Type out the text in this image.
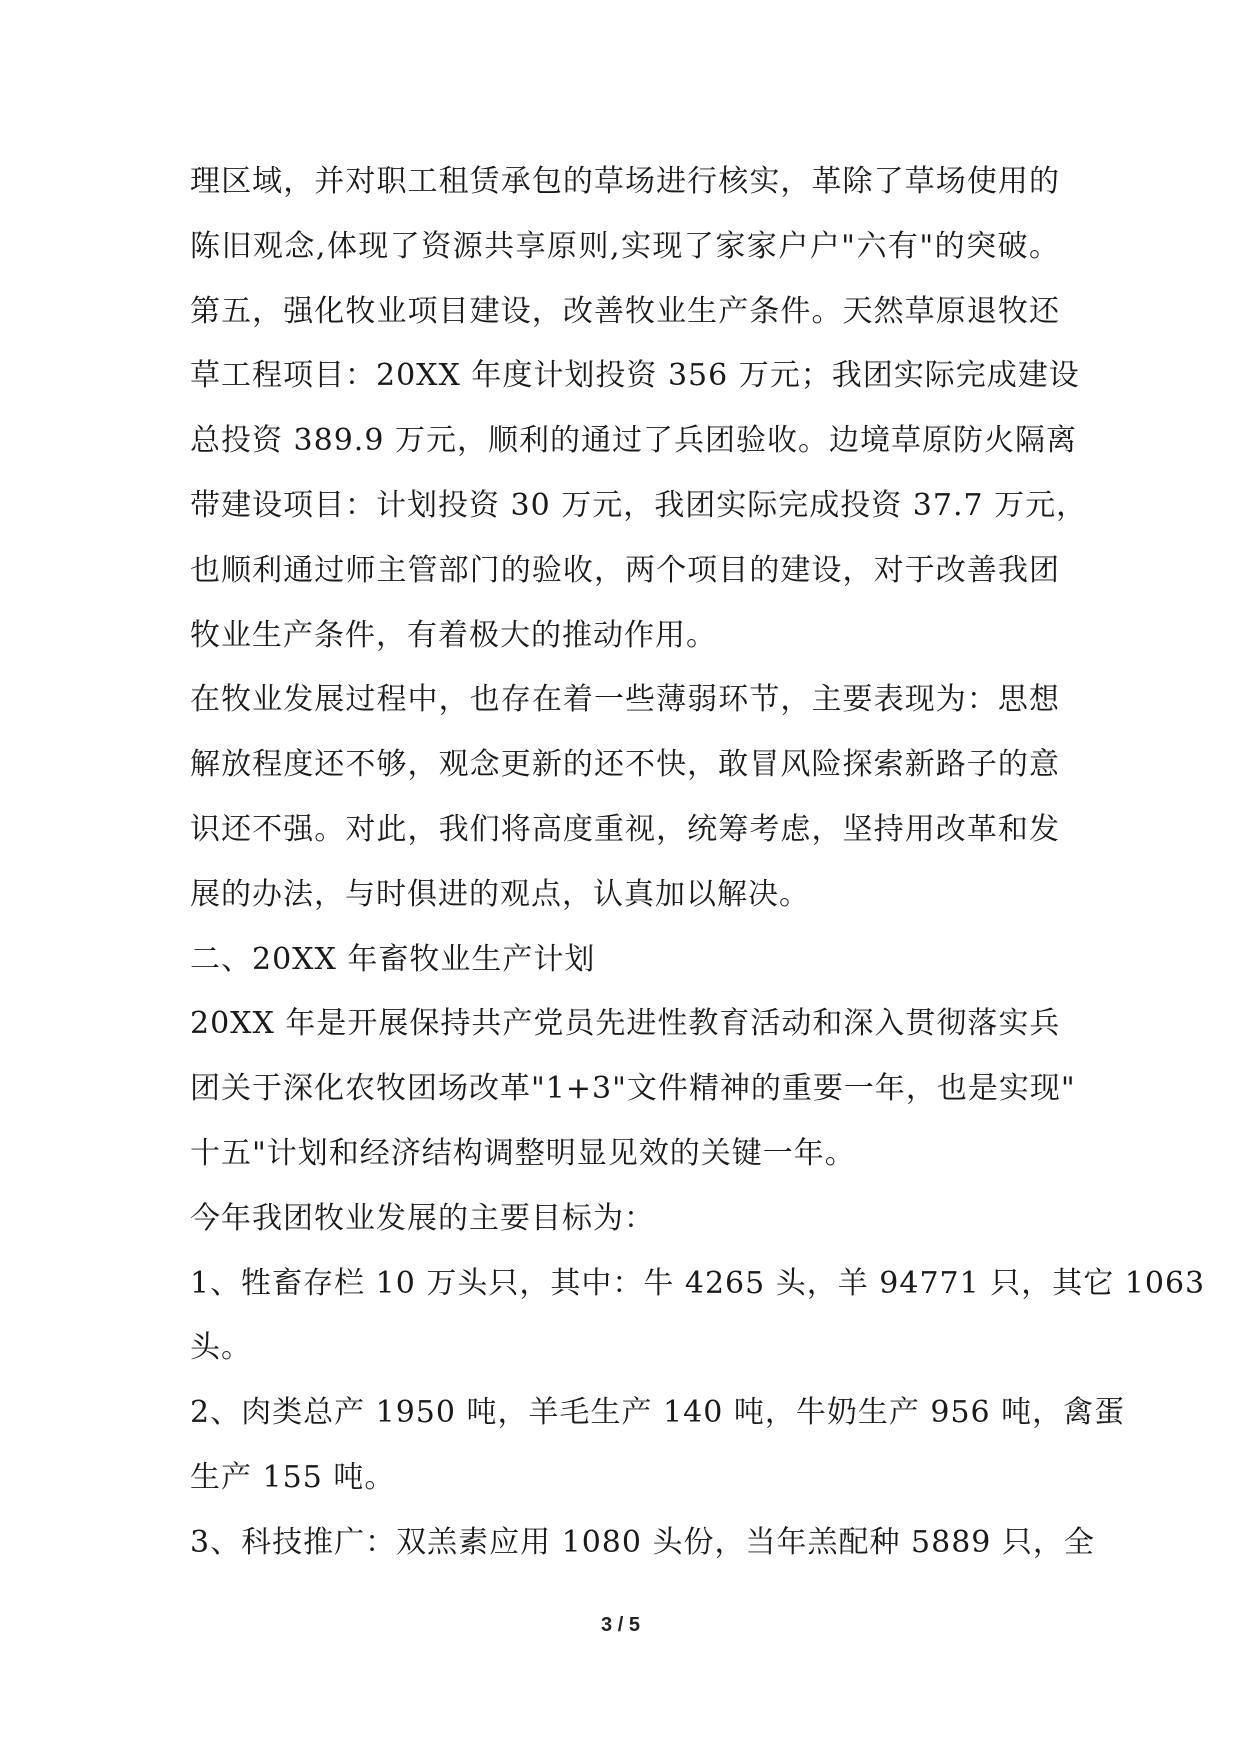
理区域，并对职工租赁承包的草场进行核实，革除了草场使用的
陈旧观念,体现了资源共享原则,实现了家家户户"六有"的突破。
第五，强化牧业项目建设，改善牧业生产条件。天然草原退牧还
草工程项目：20XX 年度计划投资 356 万元；我团实际完成建设
总投资 389.9 万元，顺利的通过了兵团验收。边境草原防火隔离
带建设项目：计划投资 30 万元，我团实际完成投资 37.7 万元，
也顺利通过师主管部门的验收，两个项目的建设，对于改善我团
牧业生产条件，有着极大的推动作用。
在牧业发展过程中，也存在着一些薄弱环节，主要表现为：思想
解放程度还不够，观念更新的还不快，敢冒风险探索新路子的意
识还不强。对此，我们将高度重视，统筹考虑，坚持用改革和发
展的办法，与时俱进的观点，认真加以解决。
二、20XX 年畜牧业生产计划
20XX 年是开展保持共产党员先进性教育活动和深入贯彻落实兵
团关于深化农牧团场改革"1+3"文件精神的重要一年，也是实现"
十五"计划和经济结构调整明显见效的关键一年。
今年我团牧业发展的主要目标为：
1、牲畜存栏 10 万头只，其中：牛 4265 头，羊 94771 只，其它 1063
头。
2、肉类总产 1950 吨，羊毛生产 140 吨，牛奶生产 956 吨，禽蛋
生产 155 吨。
3、科技推广：双羔素应用 1080 头份，当年羔配种 5889 只，全
3 / 5
